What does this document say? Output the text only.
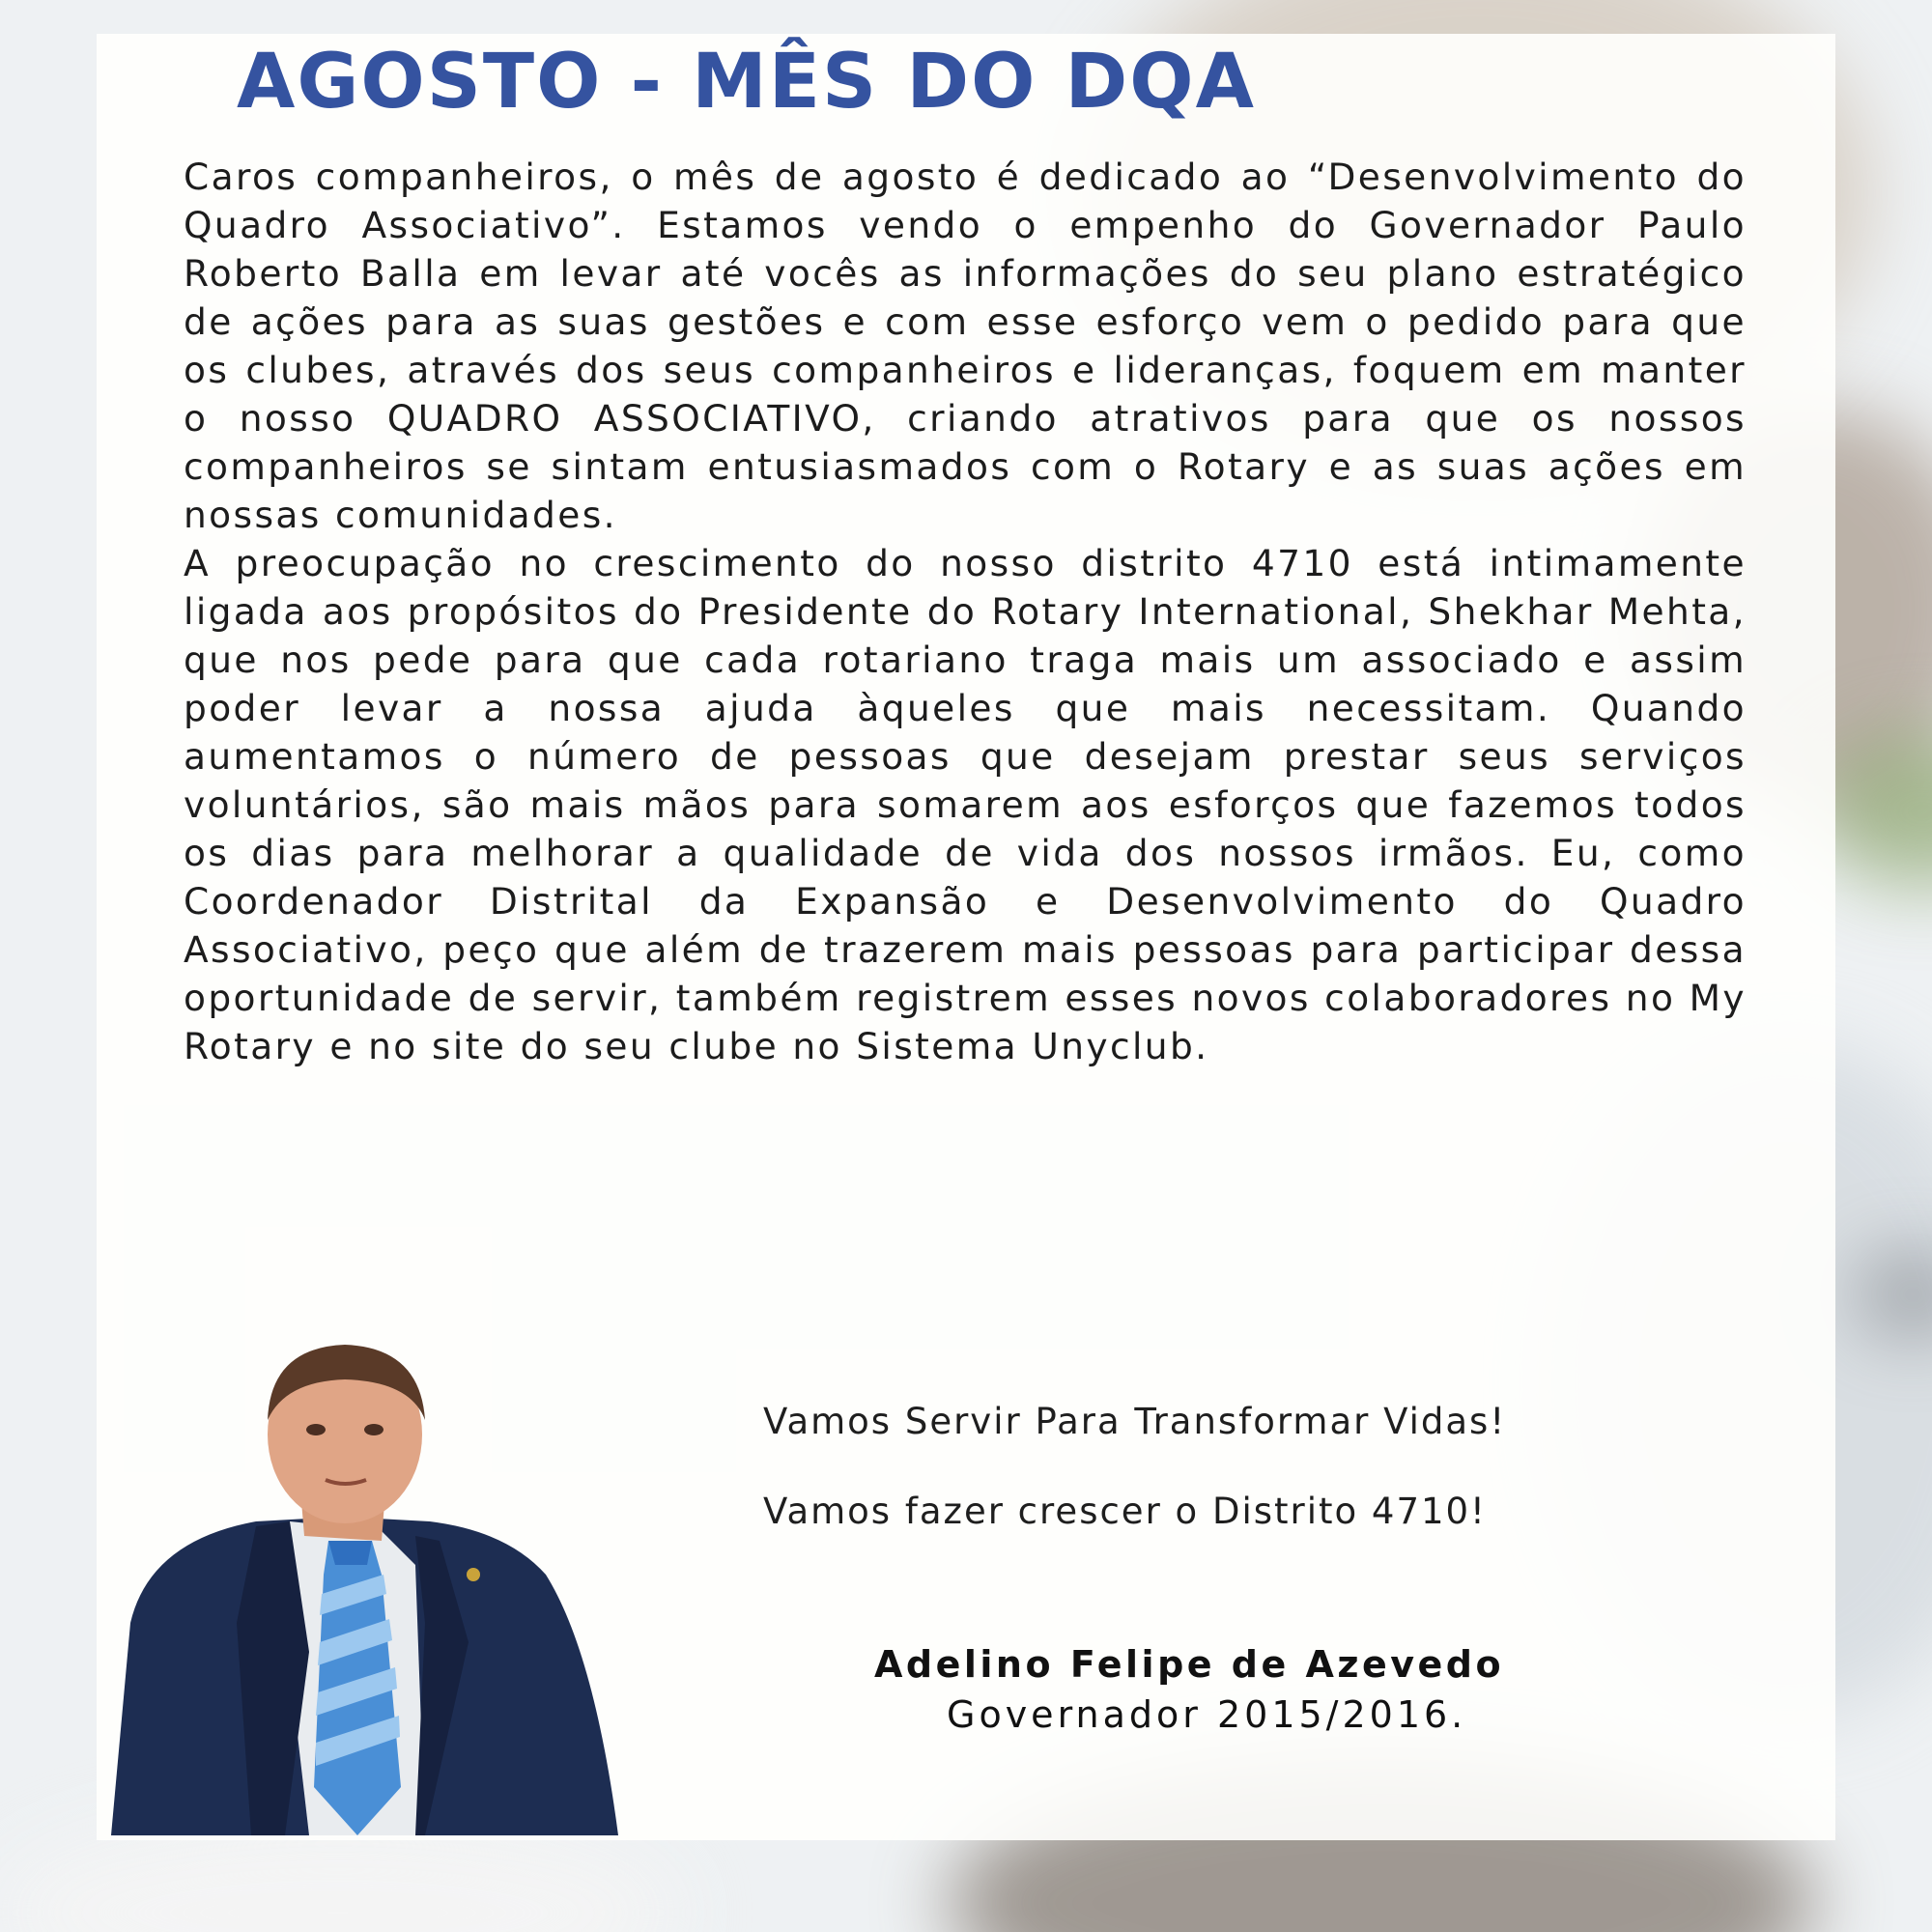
AGOSTO - MÊS DO DQA

Caros companheiros, o mês de agosto é dedicado ao “Desenvolvimento do Quadro Associativo”. Estamos vendo o empenho do Governador Paulo Roberto Balla em levar até vocês as informações do seu plano estratégico de ações para as suas gestões e com esse esforço vem o pedido para que os clubes, através dos seus companheiros e lideranças, foquem em manter o nosso QUADRO ASSOCIATIVO, criando atrativos para que os nossos companheiros se sintam entusiasmados com o Rotary e as suas ações em nossas comunidades.

A preocupação no crescimento do nosso distrito 4710 está intimamente ligada aos propósitos do Presidente do Rotary International, Shekhar Mehta, que nos pede para que cada rotariano traga mais um associado e assim poder levar a nossa ajuda àqueles que mais necessitam. Quando aumentamos o número de pessoas que desejam prestar seus serviços voluntários, são mais mãos para somarem aos esforços que fazemos todos os dias para melhorar a qualidade de vida dos nossos irmãos. Eu, como Coordenador Distrital da Expansão e Desenvolvimento do Quadro Associativo, peço que além de trazerem mais pessoas para participar dessa oportunidade de servir, também registrem esses novos colaboradores no My Rotary e no site do seu clube no Sistema Unyclub.

Vamos Servir Para Transformar Vidas!

Vamos fazer crescer o Distrito 4710!

Adelino Felipe de Azevedo

Governador 2015/2016.
